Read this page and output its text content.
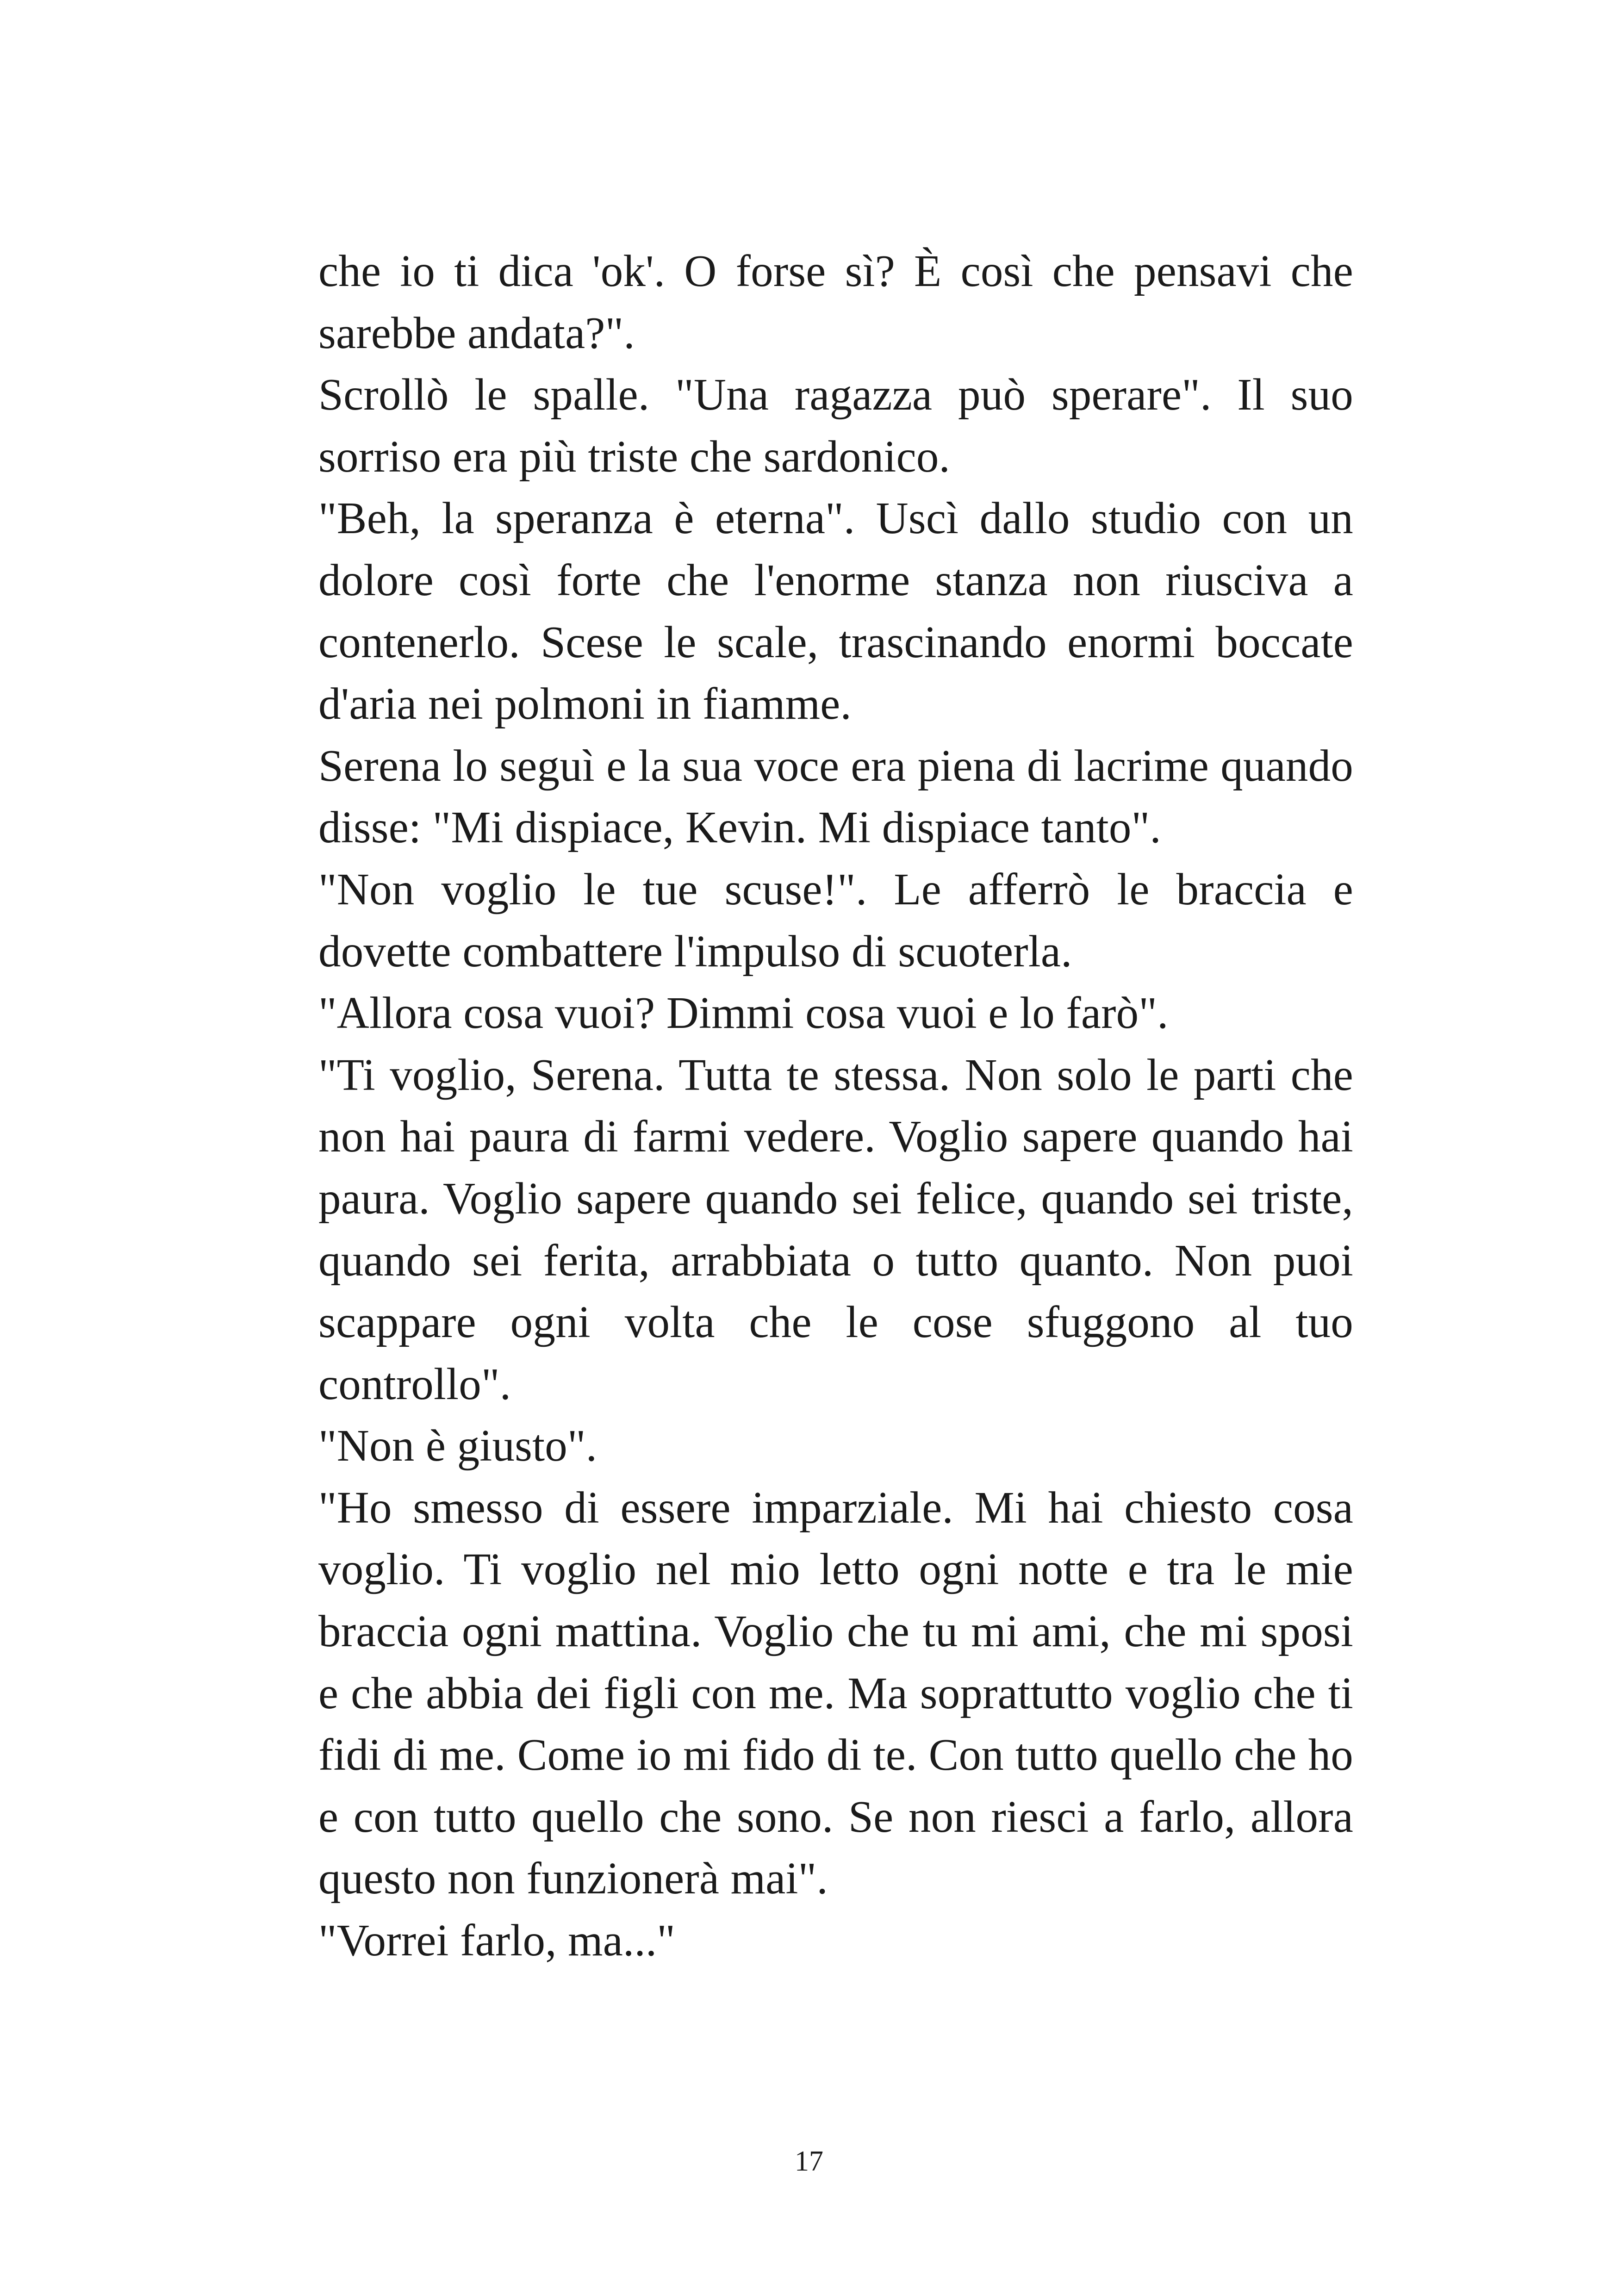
che io ti dica 'ok'. O forse sì? È così che pensavi che sarebbe andata?".

Scrollò le spalle. "Una ragazza può sperare". Il suo sorriso era più triste che sardonico.

"Beh, la speranza è eterna". Uscì dallo studio con un dolore così forte che l'enorme stanza non riusciva a contenerlo. Scese le scale, trascinando enormi boccate d'aria nei polmoni in fiamme.

Serena lo seguì e la sua voce era piena di lacrime quando disse: "Mi dispiace, Kevin. Mi dispiace tanto".

"Non voglio le tue scuse!". Le afferrò le braccia e dovette combattere l'impulso di scuoterla.

"Allora cosa vuoi? Dimmi cosa vuoi e lo farò".

"Ti voglio, Serena. Tutta te stessa. Non solo le parti che non hai paura di farmi vedere. Voglio sapere quando hai paura. Voglio sapere quando sei felice, quando sei triste, quando sei ferita, arrabbiata o tutto quanto. Non puoi scappare ogni volta che le cose sfuggono al tuo controllo".

"Non è giusto".

"Ho smesso di essere imparziale. Mi hai chiesto cosa voglio. Ti voglio nel mio letto ogni notte e tra le mie braccia ogni mattina. Voglio che tu mi ami, che mi sposi e che abbia dei figli con me. Ma soprattutto voglio che ti fidi di me. Come io mi fido di te. Con tutto quello che ho e con tutto quello che sono. Se non riesci a farlo, allora questo non funzionerà mai".

"Vorrei farlo, ma..."

17
